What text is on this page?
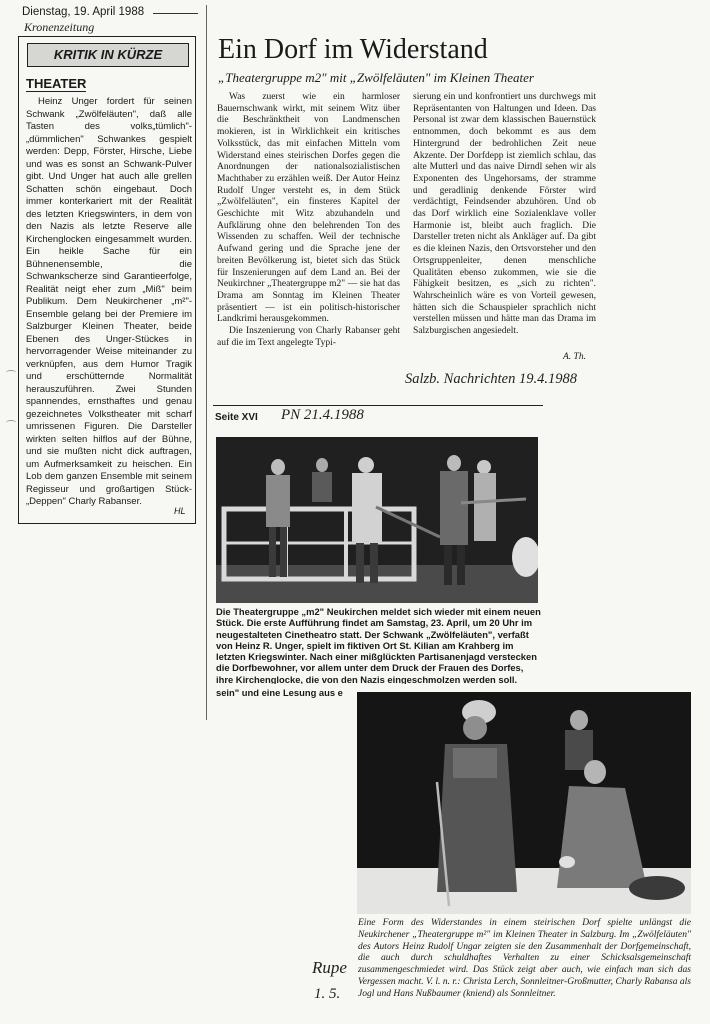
Dienstag, 19. April 1988
Kronenzeitung
KRITIK IN KÜRZE
THEATER

Heinz Unger fordert für seinen Schwank „Zwölfeläuten", daß alle Tasten des volks„tümlich"-„dümmlichen" Schwankes gespielt werden: Depp, Förster, Hirsche, Liebe und was es sonst an Schwank-Pulver gibt. Und Unger hat auch alle grellen Schatten schön eingebaut. Doch immer konterkariert mit der Realität des letzten Kriegswinters, in dem von den Nazis als letzte Reserve alle Kirchenglocken eingesammelt wurden. Ein heikle Sache für ein Bühnenensemble, die Schwankscherze sind Garantieerfolge, Realität neigt eher zum „Miß" beim Publikum. Dem Neukirchener „m²"-Ensemble gelang bei der Premiere im Salzburger Kleinen Theater, beide Ebenen des Unger-Stückes in hervorragender Weise miteinander zu verknüpfen, aus dem Humor Tragik und erschütternde Normalität herauszuführen. Zwei Stunden spannendes, ernsthaftes und genau gezeichnetes Volkstheater mit scharf umrissenen Figuren. Die Darsteller wirkten selten hilflos auf der Bühne, und sie mußten nicht dick auftragen, um Aufmerksamkeit zu heischen. Ein Lob dem ganzen Ensemble mit seinem Regisseur und großartigen Stück-„Deppen" Charly Rabanser.

HL
Ein Dorf im Widerstand
„Theatergruppe m2" mit „Zwölfeläuten" im Kleinen Theater

Was zuerst wie ein harmloser Bauernschwank wirkt, mit seinem Witz über die Beschränktheit von Landmenschen mokieren, ist in Wirklichkeit ein kritisches Volksstück, das mit einfachen Mitteln vom Widerstand eines steirischen Dorfes gegen die Anordnungen der nationalsozialistischen Machthaber zu erzählen weiß. Der Autor Heinz Rudolf Unger versteht es, in dem Stück „Zwölfeläuten", ein finsteres Kapitel der Geschichte mit Witz abzuhandeln und Aufklärung ohne den belehrenden Ton des Wissenden zu schaffen. Weil der technische Aufwand gering und die Sprache jene der breiten Bevölkerung ist, bietet sich das Stück für Inszenierungen auf dem Land an. Bei der Neukirchner „Theatergruppe m2" — sie hat das Drama am Sonntag im Kleinen Theater präsentiert — ist ein politisch-historischer Landkrimi herausgekommen.

Die Inszenierung von Charly Rabanser geht auf die im Text angelegte Typi-

sierung ein und konfrontiert uns durchwegs mit Repräsentanten von Haltungen und Ideen. Das Personal ist zwar dem klassischen Bauernstück entnommen, doch bekommt es aus dem Hintergrund der bedrohlichen Zeit neue Akzente. Der Dorfdepp ist ziemlich schlau, das alte Mutterl und das naive Dirndl sehen wir als Exponenten des Ungehorsams, der stramme und geradlinig denkende Förster wird verdächtigt, Feindsender abzuhören. Und ob das Dorf wirklich eine Sozialenklave voller Harmonie ist, bleibt auch fraglich. Die Darsteller treten nicht als Ankläger auf. Da gibt es die kleinen Nazis, den Ortsvorsteher und den Ortsgruppenleiter, denen menschliche Qualitäten ebenso zukommen, wie sie die Fähigkeit besitzen, es „sich zu richten". Wahrscheinlich wäre es von Vorteil gewesen, hätten sich die Schauspieler sprachlich nicht verstellen müssen und hätte man das Drama im Salzburgischen angesiedelt.

A. Th.
Salzb. Nachrichten 19.4.1988
Seite XVI PN 21.4.1988
Die Theatergruppe „m2" Neukirchen meldet sich wieder mit einem neuen Stück. Die erste Aufführung findet am Samstag, 23. April, um 20 Uhr im neugestalteten Cinetheatro statt. Der Schwank „Zwölfeläuten", verfaßt von Heinz R. Unger, spielt im fiktiven Ort St. Kilian am Krahberg im letzten Kriegswinter. Nach einer mißglückten Partisanenjagd verstecken die Dorfbewohner, vor allem unter dem Druck der Frauen des Dorfes, ihre Kirchenglocke, die von den Nazis eingeschmolzen werden soll.
sein" und eine Lesung aus e
Eine Form des Widerstandes in einem steirischen Dorf spielte unlängst die Neukirchener „Theatergruppe m²" im Kleinen Theater in Salzburg. Im „Zwölfeläuten" des Autors Heinz Rudolf Ungar zeigten sie den Zusammenhalt der Dorfgemeinschaft, die auch durch schuldhaftes Verhalten zu einer Schicksalsgemeinschaft zusammengeschmiedet wird. Das Stück zeigt aber auch, wie einfach man sich das Vergessen macht. V. l. n. r.: Christa Lerch, Sonnleitner-Großmutter, Charly Rabansa als Jogl und Hans Nußbaumer (kniend) als Sonnleitner.
Rupe
1. 5.
